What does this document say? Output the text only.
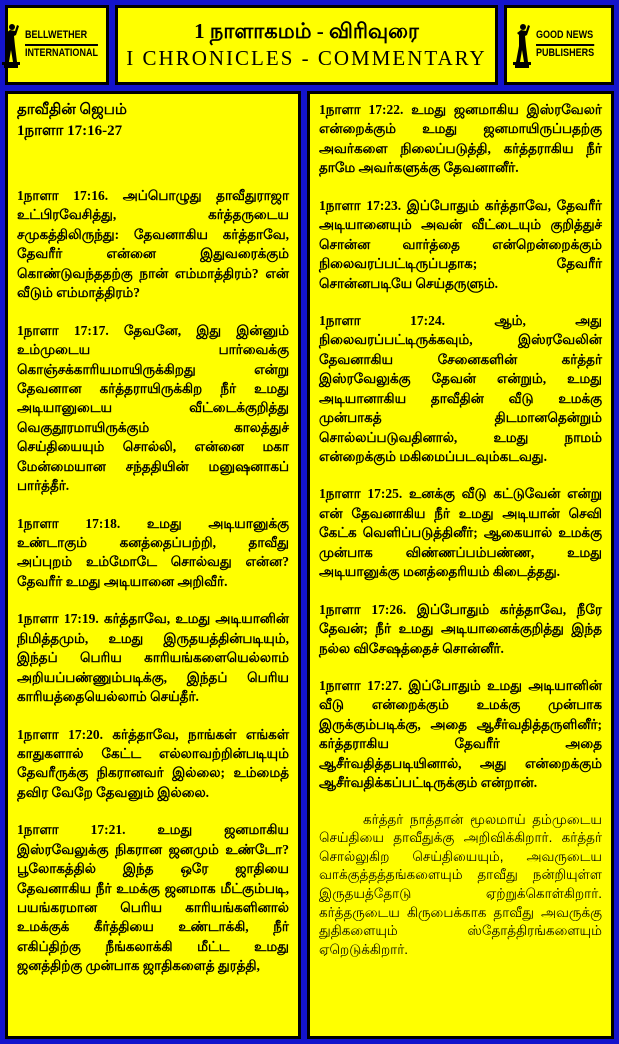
BELLWETHER
INTERNATIONAL
1 நாளாகமம் - விரிவுரை
I CHRONICLES - COMMENTARY
GOOD NEWS
PUBLISHERS
தாவீதின் ஜெபம்
1நாளா 17:16-27

1நாளா 17:16. அப்பொழுது தாவீதுராஜா உட்பிரவேசித்து, கர்த்தருடைய சமுகத்திலிருந்து: தேவனாகிய கர்த்தாவே, தேவரீர் என்னை இதுவரைக்கும் கொண்டுவந்ததற்கு நான் எம்மாத்திரம்? என் வீடும் எம்மாத்திரம்?

1நாளா 17:17. தேவனே, இது இன்னும் உம்முடைய பார்வைக்கு கொஞ்சக்காரியமாயிருக்கிறது என்று தேவனான கர்த்தராயிருக்கிற நீர் உமது அடியானுடைய வீட்டைக்குறித்து வெகுதூரமாயிருக்கும் காலத்துச் செய்தியையும் சொல்லி, என்னை மகா மேன்மையான சந்ததியின் மனுஷனாகப் பார்த்தீர்.

1நாளா 17:18. உமது அடியானுக்கு உண்டாகும் கனத்தைப்பற்றி, தாவீது அப்புறம் உம்மோடே சொல்வது என்ன? தேவரீர் உமது அடியானை அறிவீர்.

1நாளா 17:19. கர்த்தாவே, உமது அடியானின் நிமித்தமும், உமது இருதயத்தின்படியும், இந்தப் பெரிய காரியங்களையெல்லாம் அறியப்பண்ணும்படிக்கு, இந்தப் பெரிய காரியத்தையெல்லாம் செய்தீர்.

1நாளா 17:20. கர்த்தாவே, நாங்கள் எங்கள் காதுகளால் கேட்ட எல்லாவற்றின்படியும் தேவரீருக்கு நிகரானவர் இல்லை; உம்மைத் தவிர வேறே தேவனும் இல்லை.

1நாளா 17:21. உமது ஜனமாகிய இஸ்ரவேலுக்கு நிகரான ஜனமும் உண்டோ? பூலோகத்தில் இந்த ஒரே ஜாதியை தேவனாகிய நீர் உமக்கு ஜனமாக மீட்கும்படி, பயங்கரமான பெரிய காரியங்களினால் உமக்குக் கீர்த்தியை உண்டாக்கி, நீர் எகிப்திற்கு நீங்கலாக்கி மீட்ட உமது ஜனத்திற்கு முன்பாக ஜாதிகளைத் துரத்தி,

1நாளா 17:22. உமது ஜனமாகிய இஸ்ரவேலர் என்றைக்கும் உமது ஜனமாயிருப்பதற்கு அவர்களை நிலைப்படுத்தி, கர்த்தராகிய நீர் தாமே அவர்களுக்கு தேவனானீர்.

1நாளா 17:23. இப்போதும் கர்த்தாவே, தேவரீர் அடியானையும் அவன் வீட்டையும் குறித்துச் சொன்ன வார்த்தை என்றென்றைக்கும் நிலைவரப்பட்டிருப்பதாக; தேவரீர் சொன்னபடியே செய்தருளும்.

1நாளா 17:24. ஆம், அது நிலைவரப்பட்டிருக்கவும், இஸ்ரவேலின் தேவனாகிய சேனைகளின் கர்த்தர் இஸ்ரவேலுக்கு தேவன் என்றும், உமது அடியானாகிய தாவீதின் வீடு உமக்கு முன்பாகத் திடமானதென்றும் சொல்லப்படுவதினால், உமது நாமம் என்றைக்கும் மகிமைப்படவும்கடவது.

1நாளா 17:25. உனக்கு வீடு கட்டுவேன் என்று என் தேவனாகிய நீர் உமது அடியான் செவி கேட்க வெளிப்படுத்தினீர்; ஆகையால் உமக்கு முன்பாக விண்ணப்பம்பண்ண, உமது அடியானுக்கு மனத்தைரியம் கிடைத்தது.

1நாளா 17:26. இப்போதும் கர்த்தாவே, நீரே தேவன்; நீர் உமது அடியானைக்குறித்து இந்த நல்ல விசேஷத்தைச் சொன்னீர்.

1நாளா 17:27. இப்போதும் உமது அடியானின் வீடு என்றைக்கும் உமக்கு முன்பாக இருக்கும்படிக்கு, அதை ஆசீர்வதித்தருளினீர்; கர்த்தராகிய தேவரீர் அதை ஆசீர்வதித்தபடியினால், அது என்றைக்கும் ஆசீர்வதிக்கப்பட்டிருக்கும் என்றான்.

கர்த்தர் நாத்தான் மூலமாய் தம்முடைய செய்தியை தாவீதுக்கு அறிவிக்கிறார். கர்த்தர் சொல்லுகிற செய்தியையும், அவருடைய வாக்குத்தத்தங்களையும் தாவீது நன்றியுள்ள இருதயத்தோடு ஏற்றுக்கொள்கிறார். கர்த்தருடைய கிருபைக்காக தாவீது அவருக்கு துதிகளையும் ஸ்தோத்திரங்களையும் ஏறெடுக்கிறார்.
